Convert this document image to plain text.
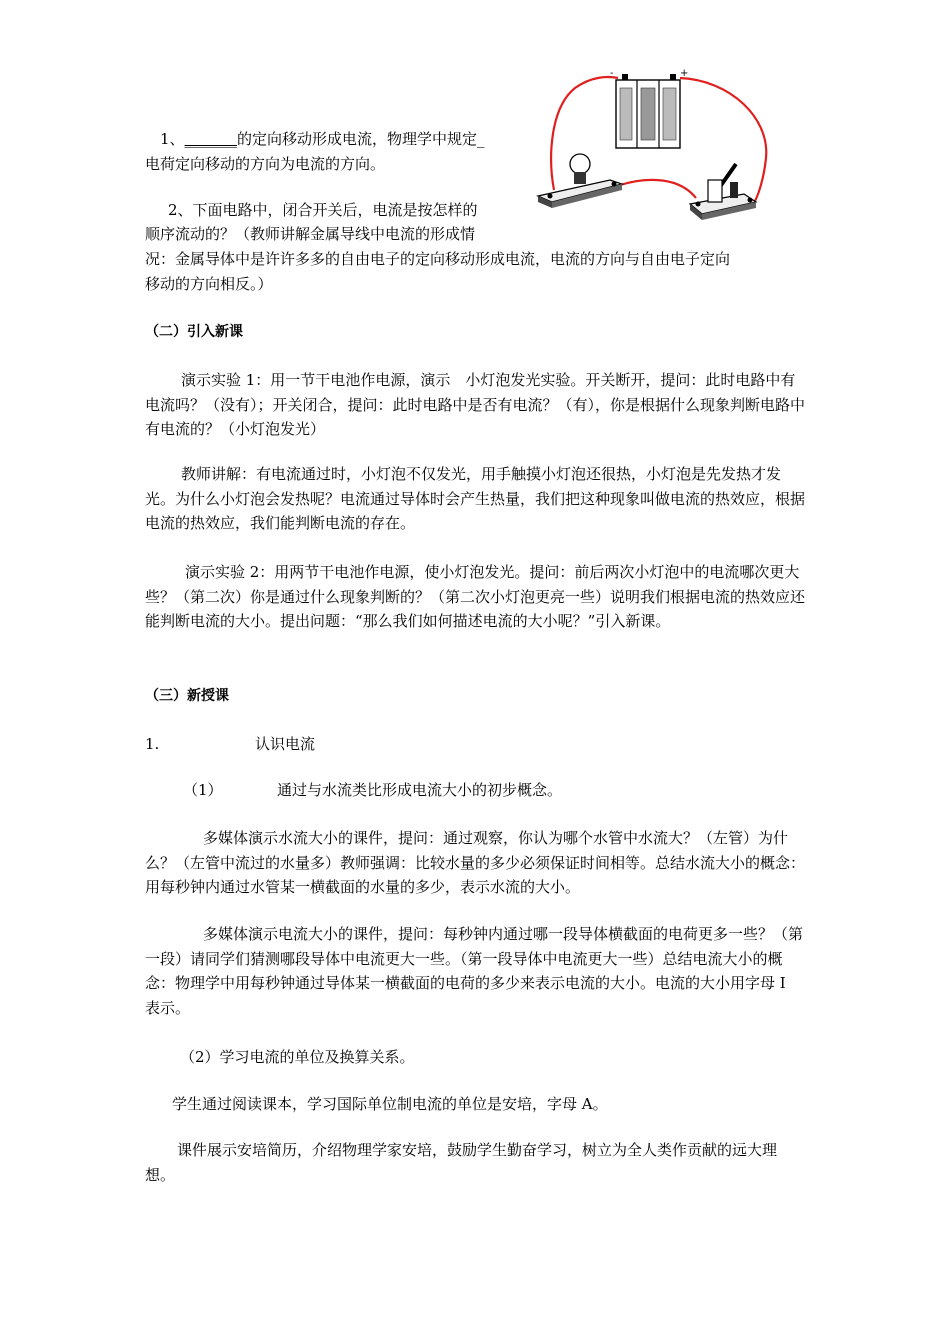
1、_______的定向移动形成电流，物理学中规定_

电荷定向移动的方向为电流的方向。

2、下面电路中，闭合开关后，电流是按怎样的

顺序流动的？（教师讲解金属导线中电流的形成情

况：金属导体中是许许多多的自由电子的定向移动形成电流，电流的方向与自由电子定向

移动的方向相反。）

-	+

（二）引入新课

演示实验 1：用一节干电池作电源，演示　小灯泡发光实验。开关断开，提问：此时电路中有电流吗？（没有）；开关闭合，提问：此时电路中是否有电流？（有），你是根据什么现象判断电路中有电流的？（小灯泡发光）

教师讲解：有电流通过时，小灯泡不仅发光，用手触摸小灯泡还很热，小灯泡是先发热才发光。为什么小灯泡会发热呢？电流通过导体时会产生热量，我们把这种现象叫做电流的热效应，根据电流的热效应，我们能判断电流的存在。

演示实验 2：用两节干电池作电源，使小灯泡发光。提问：前后两次小灯泡中的电流哪次更大些？（第二次）你是通过什么现象判断的？（第二次小灯泡更亮一些）说明我们根据电流的热效应还能判断电流的大小。提出问题：“那么我们如何描述电流的大小呢？”引入新课。

（三）新授课

1.	认识电流
（1）	通过与水流类比形成电流大小的初步概念。

多媒体演示水流大小的课件，提问：通过观察，你认为哪个水管中水流大？（左管）为什么？（左管中流过的水量多）教师强调：比较水量的多少必须保证时间相等。总结水流大小的概念：用每秒钟内通过水管某一横截面的水量的多少，表示水流的大小。

多媒体演示电流大小的课件，提问：每秒钟内通过哪一段导体横截面的电荷更多一些？（第一段）请同学们猜测哪段导体中电流更大一些。（第一段导体中电流更大一些）总结电流大小的概念：物理学中用每秒钟通过导体某一横截面的电荷的多少来表示电流的大小。电流的大小用字母 I 表示。

（2）学习电流的单位及换算关系。

学生通过阅读课本，学习国际单位制电流的单位是安培，字母 A。

课件展示安培简历，介绍物理学家安培，鼓励学生勤奋学习，树立为全人类作贡献的远大理想。
